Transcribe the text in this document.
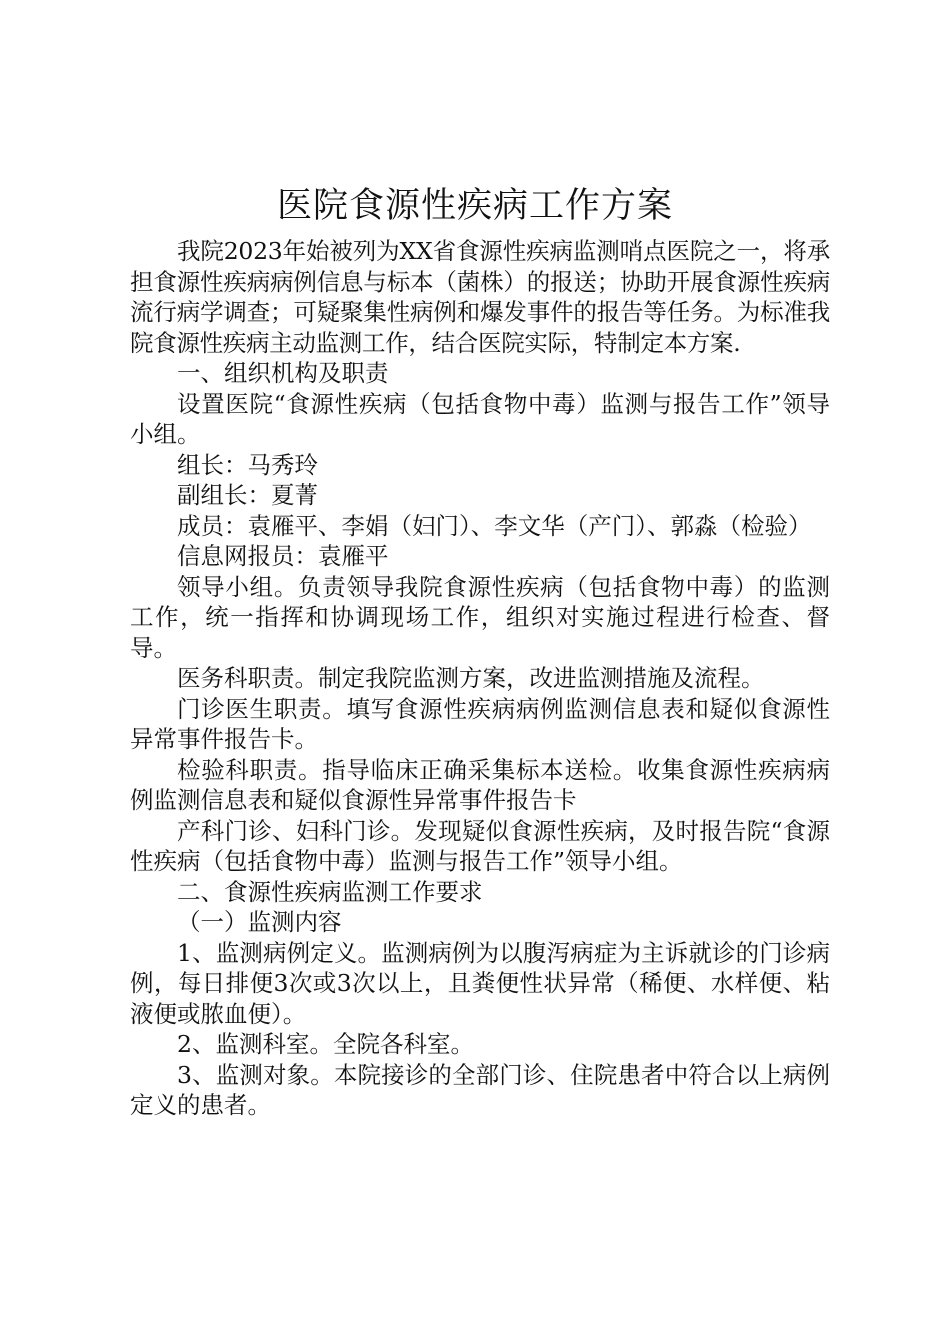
医院食源性疾病工作方案

我院2023年始被列为XX省食源性疾病监测哨点医院之一，将承担食源性疾病病例信息与标本（菌株）的报送；协助开展食源性疾病流行病学调查；可疑聚集性病例和爆发事件的报告等任务。为标准我院食源性疾病主动监测工作，结合医院实际，特制定本方案.

一、组织机构及职责

设置医院“食源性疾病（包括食物中毒）监测与报告工作”领导小组。

组长：马秀玲

副组长：夏菁

成员：袁雁平、李娟（妇门）、李文华（产门）、郭淼（检验）

信息网报员：袁雁平

领导小组。负责领导我院食源性疾病（包括食物中毒）的监测工作，统一指挥和协调现场工作，组织对实施过程进行检查、督导。

医务科职责。制定我院监测方案，改进监测措施及流程。

门诊医生职责。填写食源性疾病病例监测信息表和疑似食源性异常事件报告卡。

检验科职责。指导临床正确采集标本送检。收集食源性疾病病例监测信息表和疑似食源性异常事件报告卡

产科门诊、妇科门诊。发现疑似食源性疾病，及时报告院“食源性疾病（包括食物中毒）监测与报告工作”领导小组。

二、食源性疾病监测工作要求

（一）监测内容

1、监测病例定义。监测病例为以腹泻病症为主诉就诊的门诊病例，每日排便3次或3次以上，且粪便性状异常（稀便、水样便、粘液便或脓血便）。

2、监测科室。全院各科室。

3、监测对象。本院接诊的全部门诊、住院患者中符合以上病例定义的患者。
